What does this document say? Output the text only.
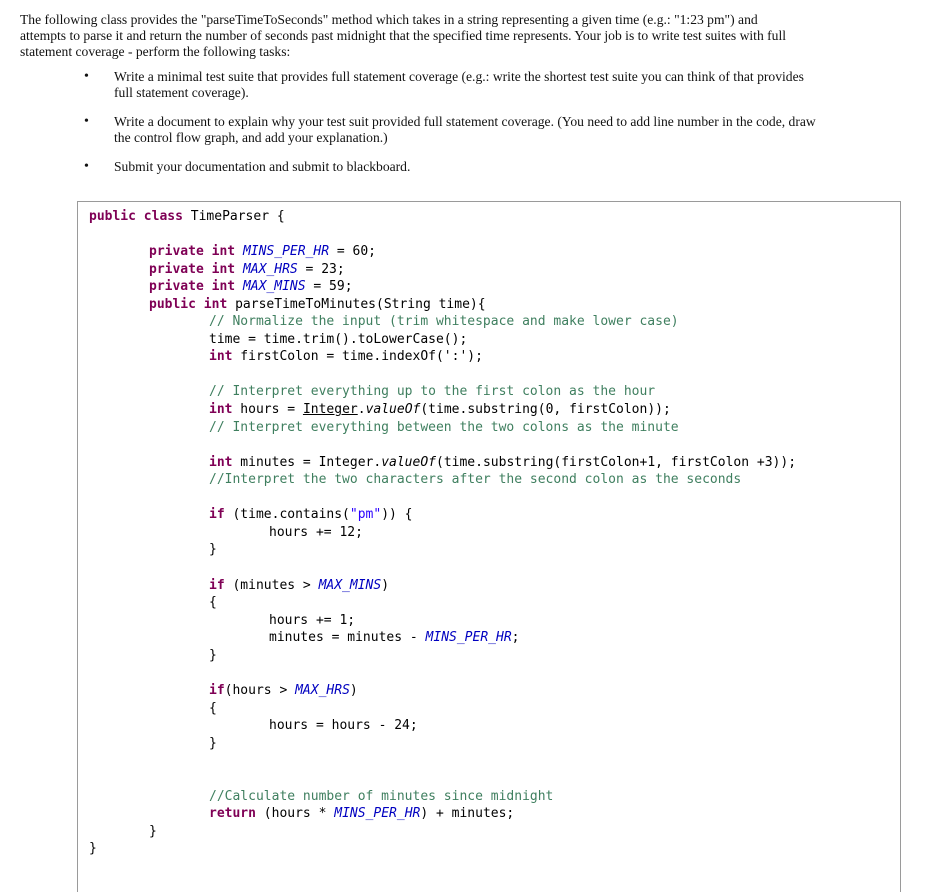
The following class provides the "parseTimeToSeconds" method which takes in a string representing a given time (e.g.: "1:23 pm") and

attempts to parse it and return the number of seconds past midnight that the specified time represents. Your job is to write test suites with full

statement coverage - perform the following tasks:

• Write a minimal test suite that provides full statement coverage (e.g.: write the shortest test suite you can think of that provides
full statement coverage).
• Write a document to explain why your test suit provided full statement coverage. (You need to add line number in the code, draw
the control flow graph, and add your explanation.)
• Submit your documentation and submit to blackboard.
public class TimeParser {
private int MINS_PER_HR = 60;
private int MAX_HRS = 23;
private int MAX_MINS = 59;
public int parseTimeToMinutes(String time){
// Normalize the input (trim whitespace and make lower case)
time = time.trim().toLowerCase();
int firstColon = time.indexOf(':');
// Interpret everything up to the first colon as the hour
int hours = Integer.valueOf(time.substring(0, firstColon));
// Interpret everything between the two colons as the minute
int minutes = Integer.valueOf(time.substring(firstColon+1, firstColon +3));
//Interpret the two characters after the second colon as the seconds
if (time.contains("pm")) {
hours += 12;
}
if (minutes > MAX_MINS)
{
hours += 1;
minutes = minutes - MINS_PER_HR;
}
if(hours > MAX_HRS)
{
hours = hours - 24;
}
//Calculate number of minutes since midnight
return (hours * MINS_PER_HR) + minutes;
}
}
